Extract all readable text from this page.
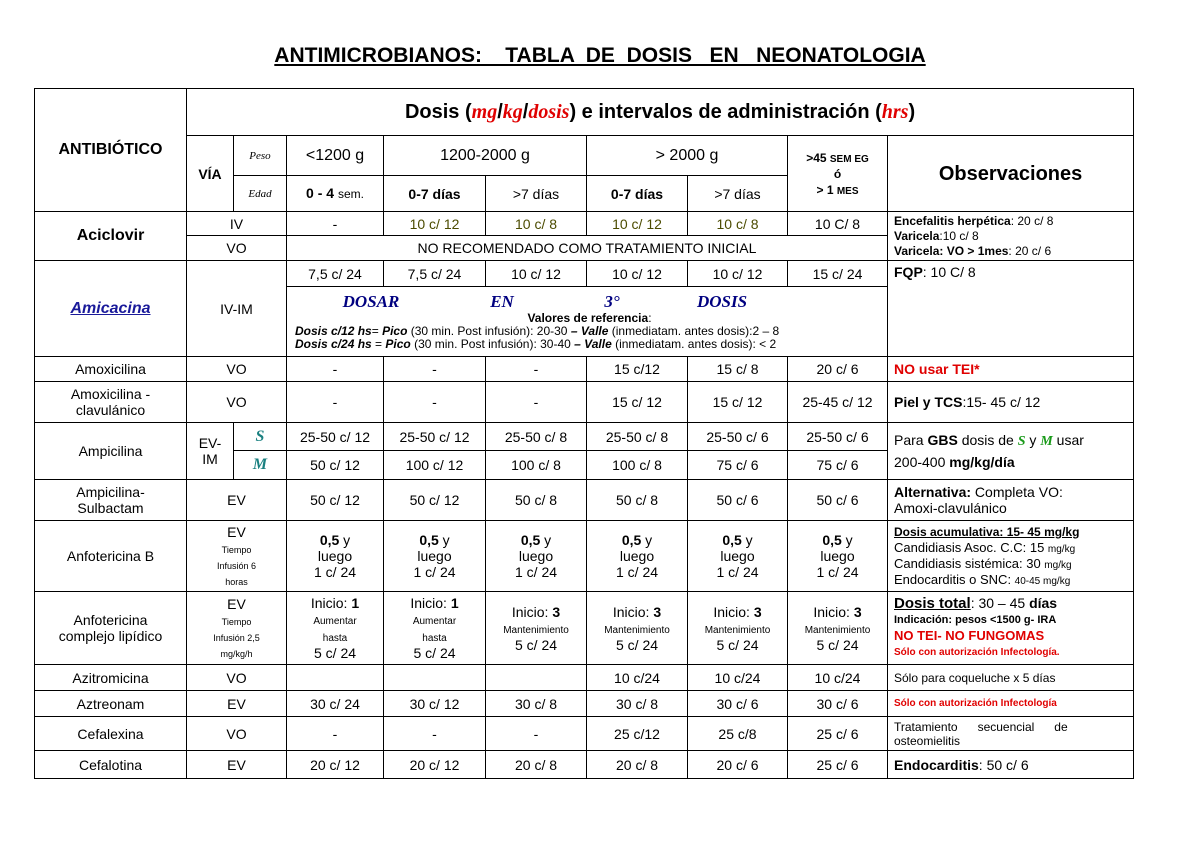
ANTIMICROBIANOS:    TABLA  DE  DOSIS   EN   NEONATOLOGIA
ANTIBIÓTICO	Dosis (mg/kg/dosis) e intervalos de administración (hrs)								
	VÍA	Peso	<1200 g	1200-2000 g		> 2000 g		>45 SEM EG
ó
> 1 MES	Observaciones
		Edad	0 - 4 sem.	0-7 días	>7 días	0-7 días	>7 días		
Aciclovir	IV		-	10 c/ 12	10 c/ 8	10 c/ 12	10 c/ 8	10 C/ 8	Encefalitis herpética: 20 c/ 8
Varicela:10 c/ 8
Varicela: VO > 1mes: 20 c/ 6
	VO		NO RECOMENDADO COMO TRATAMIENTO INICIAL						
Amicacina	IV-IM		7,5 c/ 24	7,5 c/ 24	10 c/ 12	10 c/ 12	10 c/ 12	15 c/ 24	FQP: 10 C/ 8

			DOSAR EN 3° DOSIS
Valores de referencia:
Dosis c/12 hs= Pico (30 min. Post infusión): 20-30 – Valle (inmediatam. antes dosis):2 – 8
Dosis c/24 hs = Pico (30 min. Post infusión): 30-40 – Valle (inmediatam. antes dosis): < 2						

Amoxicilina	VO		-	-	-	15 c/12	15 c/ 8	20 c/ 6	NO usar TEI*
Amoxicilina -
clavulánico	VO		-	-	-	15 c/ 12	15 c/ 12	25-45 c/ 12	Piel y TCS:15- 45 c/ 12
Ampicilina	EV-
IM	S	25-50 c/ 12	25-50 c/ 12	25-50 c/ 8	25-50 c/ 8	25-50 c/ 6	25-50 c/ 6	Para GBS dosis de S y M usar
200-400 mg/kg/día
		M	50 c/ 12	100 c/ 12	100 c/ 8	100 c/ 8	75 c/ 6	75 c/ 6	
Ampicilina-
Sulbactam	EV		50 c/ 12	50 c/ 12	50 c/ 8	50 c/ 8	50 c/ 6	50 c/ 6	Alternativa: Completa VO:
Amoxi-clavulánico
Anfotericina B	EV
Tiempo
Infusión 6
horas		0,5 y
luego
1 c/ 24	0,5 y
luego
1 c/ 24	0,5 y
luego
1 c/ 24	0,5 y
luego
1 c/ 24	0,5 y
luego
1 c/ 24	0,5 y
luego
1 c/ 24	Dosis acumulativa: 15- 45 mg/kg
Candidiasis Asoc. C.C: 15 mg/kg
Candidiasis sistémica: 30 mg/kg
Endocarditis o SNC: 40-45 mg/kg
Anfotericina
complejo lipídico	EV
Tiempo
Infusión 2,5
mg/kg/h		Inicio: 1
Aumentar
hasta
5 c/ 24	Inicio: 1
Aumentar
hasta
5 c/ 24	Inicio: 3
Mantenimiento
5 c/ 24	Inicio: 3
Mantenimiento
5 c/ 24	Inicio: 3
Mantenimiento
5 c/ 24	Inicio: 3
Mantenimiento
5 c/ 24	Dosis total: 30 – 45 días
Indicación: pesos <1500 g- IRA
NO TEI- NO FUNGOMAS
Sólo con autorización Infectología.
Azitromicina	VO					10 c/24	10 c/24	10 c/24	Sólo para coqueluche x 5 días
Aztreonam	EV		30 c/ 24	30 c/ 12	30 c/ 8	30 c/ 8	30 c/ 6	30 c/ 6	Sólo con autorización Infectología
Cefalexina	VO		-	-	-	25 c/12	25 c/8	25 c/ 6	Tratamiento      secuencial      de
osteomielitis
Cefalotina	EV		20 c/ 12	20 c/ 12	20 c/ 8	20 c/ 8	20 c/ 6	25 c/ 6	Endocarditis: 50 c/ 6
